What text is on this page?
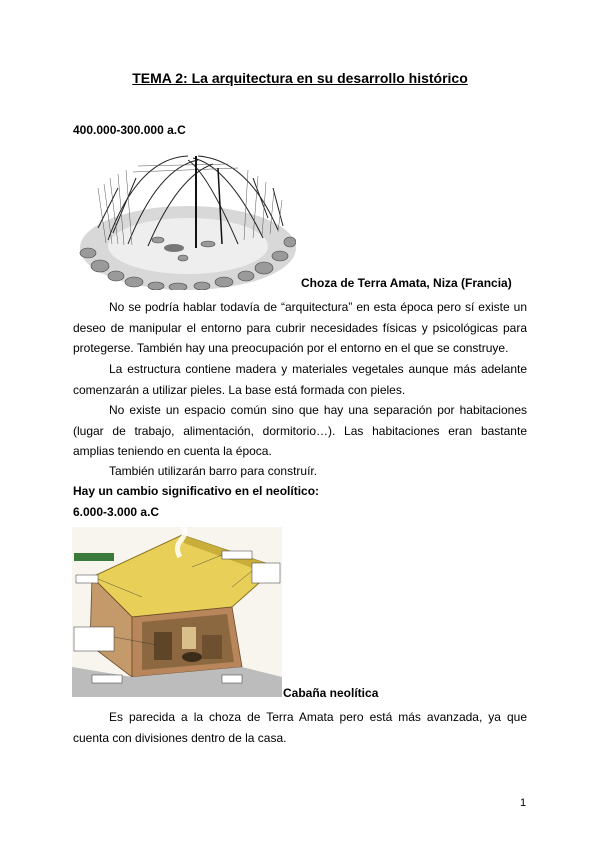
TEMA 2: La arquitectura en su desarrollo histórico
400.000-300.000 a.C
Choza de Terra Amata, Niza (Francia)

No se podría hablar todavía de “arquitectura” en esta época pero sí existe un deseo de manipular el entorno para cubrir necesidades físicas y psicológicas para protegerse. También hay una preocupación por el entorno en el que se construye.

La estructura contiene madera y materiales vegetales aunque más adelante comenzarán a utilizar pieles. La base está formada con pieles.

No existe un espacio común sino que hay una separación por habitaciones (lugar de trabajo, alimentación, dormitorio…). Las habitaciones eran bastante amplias teniendo en cuenta la época.

También utilizarán barro para construír.

Hay un cambio significativo en el neolítico:
6.000-3.000 a.C
Cabaña neolítica

Es parecida a la choza de Terra Amata pero está más avanzada, ya que cuenta con divisiones dentro de la casa.

1
